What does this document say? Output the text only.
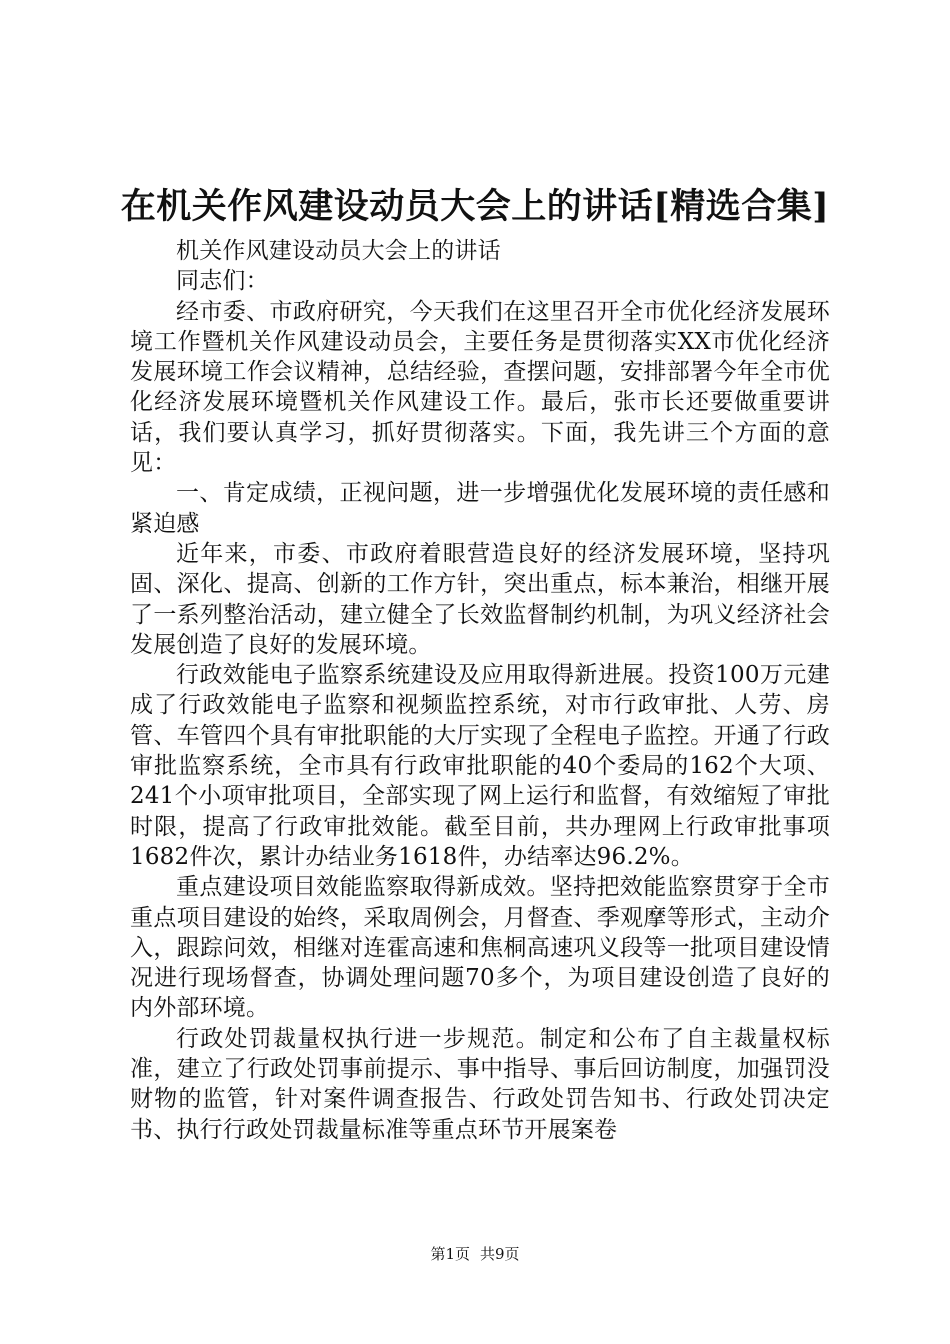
在机关作风建设动员大会上的讲话[精选合集]

机关作风建设动员大会上的讲话

同志们：

经市委、市政府研究，今天我们在这里召开全市优化经济发展环境工作暨机关作风建设动员会，主要任务是贯彻落实XX市优化经济发展环境工作会议精神，总结经验，查摆问题，安排部署今年全市优化经济发展环境暨机关作风建设工作。最后，张市长还要做重要讲话，我们要认真学习，抓好贯彻落实。下面，我先讲三个方面的意见：

一、肯定成绩，正视问题，进一步增强优化发展环境的责任感和紧迫感

近年来，市委、市政府着眼营造良好的经济发展环境，坚持巩固、深化、提高、创新的工作方针，突出重点，标本兼治，相继开展了一系列整治活动，建立健全了长效监督制约机制，为巩义经济社会发展创造了良好的发展环境。

行政效能电子监察系统建设及应用取得新进展。投资100万元建成了行政效能电子监察和视频监控系统，对市行政审批、人劳、房管、车管四个具有审批职能的大厅实现了全程电子监控。开通了行政审批监察系统，全市具有行政审批职能的40个委局的162个大项、241个小项审批项目，全部实现了网上运行和监督，有效缩短了审批时限，提高了行政审批效能。截至目前，共办理网上行政审批事项1682件次，累计办结业务1618件，办结率达96.2%。

重点建设项目效能监察取得新成效。坚持把效能监察贯穿于全市重点项目建设的始终，采取周例会，月督查、季观摩等形式，主动介入，跟踪问效，相继对连霍高速和焦桐高速巩义段等一批项目建设情况进行现场督查，协调处理问题70多个，为项目建设创造了良好的内外部环境。

行政处罚裁量权执行进一步规范。制定和公布了自主裁量权标准，建立了行政处罚事前提示、事中指导、事后回访制度，加强罚没财物的监管，针对案件调查报告、行政处罚告知书、行政处罚决定书、执行行政处罚裁量标准等重点环节开展案卷

第1页 共9页
